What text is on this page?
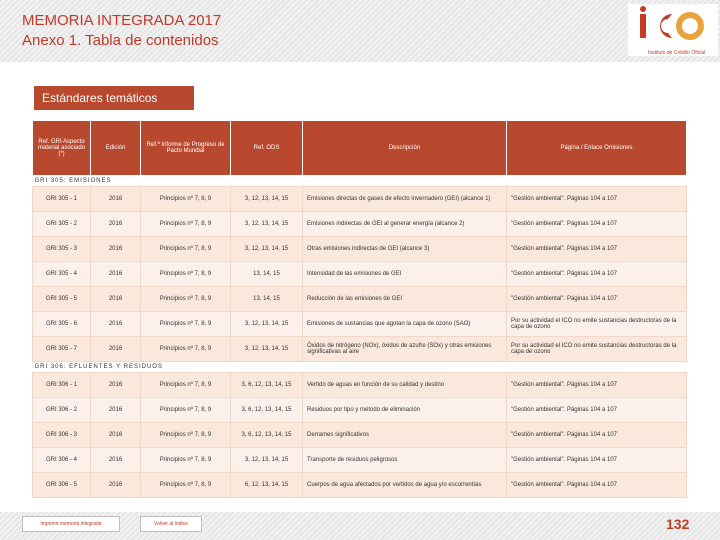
MEMORIA INTEGRADA 2017
Anexo 1. Tabla de contenidos
Instituto de Crédito Oficial
Estándares temáticos
Ref. GRI Aspecto material asociado (*)	Edición	Ref.ª Informe de Progreso de Pacto Mundial	Ref. ODS	Descripción	Página / Enlace Omisiones
GRI 305: EMISIONES					
GRI 305 - 1	2016	Principios nº 7, 8, 9	3, 12, 13, 14, 15	Emisiones directas de gases de efecto invernadero (GEI) (alcance 1)	"Gestión ambiental". Páginas 104 a 107
GRI 305 - 2	2016	Principios nº 7, 8, 9	3, 12, 13, 14, 15	Emisiones indirectas de GEI al generar energía (alcance 2)	"Gestión ambiental". Páginas 104 a 107
GRI 305 - 3	2016	Principios nº 7, 8, 9	3, 12, 13, 14, 15	Otras emisiones indirectas de GEI (alcance 3)	"Gestión ambiental". Páginas 104 a 107
GRI 305 - 4	2016	Principios nº 7, 8, 9	13, 14, 15	Intensidad de las emisiones de GEI	"Gestión ambiental". Páginas 104 a 107
GRI 305 - 5	2016	Principios nº 7, 8, 9	13, 14, 15	Reducción de las emisiones de GEI	"Gestión ambiental". Páginas 104 a 107
GRI 305 - 6	2016	Principios nº 7, 8, 9	3, 12, 13, 14, 15	Emisiones de sustancias que agotan la capa de ozono (SAO)	Por su actividad el ICO no emite sustancias destructoras de la capa de ozono
GRI 305 - 7	2016	Principios nº 7, 8, 9	3, 12, 13, 14, 15	Óxidos de nitrógeno (NOx), óxidos de azufre (SOx) y otras emisiones significativas al aire	Por su actividad el ICO no emite sustancias destructoras de la capa de ozono
GRI 306: EFLUENTES Y RESIDUOS					
GRI 306 - 1	2016	Principios nº 7, 8, 9	3, 6, 12, 13, 14, 15	Vertido de aguas en función de su calidad y destino	"Gestión ambiental". Páginas 104 a 107
GRI 306 - 2	2016	Principios nº 7, 8, 9	3, 6, 12, 13, 14, 15	Residuos por tipo y método de eliminación	"Gestión ambiental". Páginas 104 a 107
GRI 306 - 3	2016	Principios nº 7, 8, 9	3, 6, 12, 13, 14, 15	Derrames significativos	"Gestión ambiental". Páginas 104 a 107
GRI 306 - 4	2016	Principios nº 7, 8, 9	3, 12, 13, 14, 15	Transporte de residuos peligrosos	"Gestión ambiental". Páginas 104 a 107
GRI 306 - 5	2016	Principios nº 7, 8, 9	6, 12, 13, 14, 15	Cuerpos de agua afectados por vertidos de agua y/o escorrentías	"Gestión ambiental". Páginas 104 a 107
Imprimir memoria integrada	Volver al índice	132
